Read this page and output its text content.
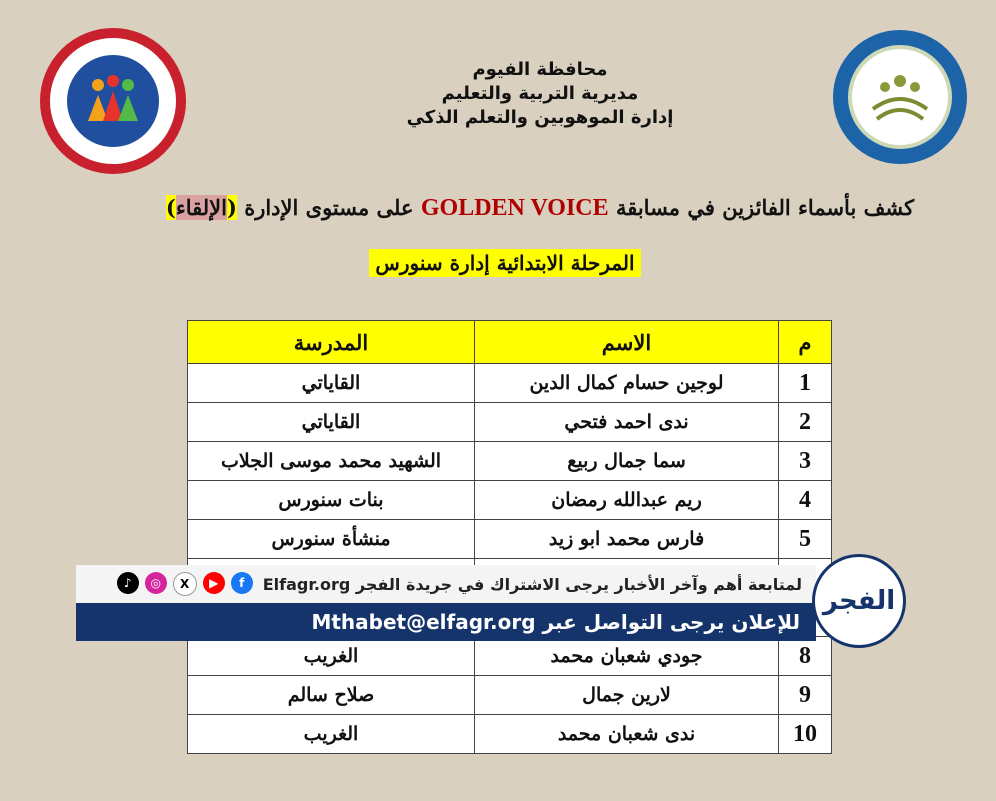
محافظة الفيوم
مديرية التربية والتعليم
إدارة الموهوبين والتعلم الذكي
كشف بأسماء الفائزين في مسابقة GOLDEN VOICE على مستوى الإدارة (الإلقاء)
المرحلة الابتدائية إدارة سنورس
م	الاسم	المدرسة
1	لوجين حسام كمال الدين	القاياتي
2	ندى احمد فتحي	القاياتي
3	سما جمال ربيع	الشهيد محمد موسى الجلاب
4	ريم عبدالله رمضان	بنات سنورس
5	فارس محمد ابو زيد	منشأة سنورس

8	جودي شعبان محمد	الغريب
9	لارين جمال	صلاح سالم
10	ندى شعبان محمد	الغريب
لمتابعة أهم وآخر الأخبار يرجى الاشتراك في جريدة الفجر Elfagr.org
♪	◎	X	▶	f
للإعلان يرجى التواصل عبر Mthabet@elfagr.org
الفجر
